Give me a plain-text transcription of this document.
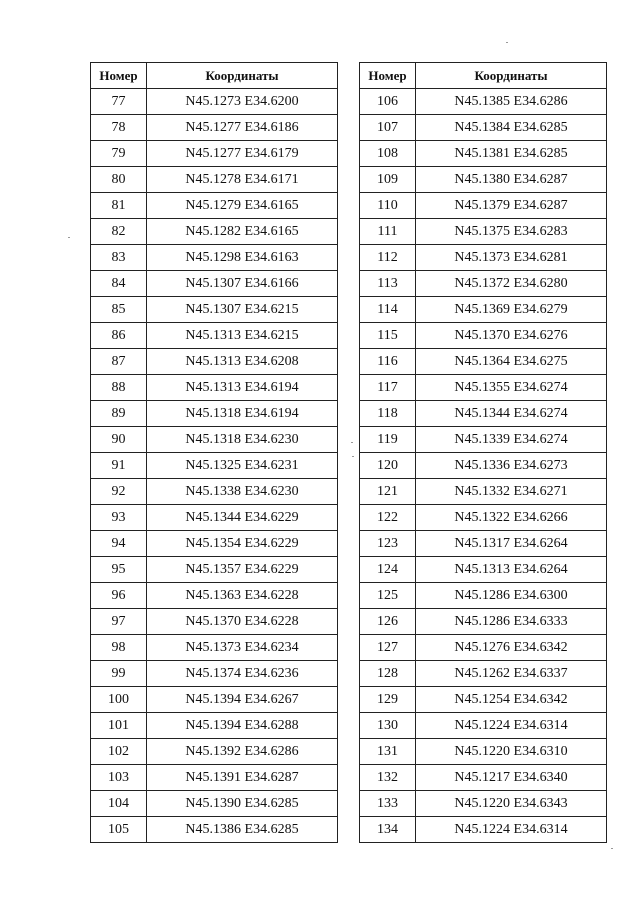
Номер	Координаты
77	N45.1273 E34.6200
78	N45.1277 E34.6186
79	N45.1277 E34.6179
80	N45.1278 E34.6171
81	N45.1279 E34.6165
82	N45.1282 E34.6165
83	N45.1298 E34.6163
84	N45.1307 E34.6166
85	N45.1307 E34.6215
86	N45.1313 E34.6215
87	N45.1313 E34.6208
88	N45.1313 E34.6194
89	N45.1318 E34.6194
90	N45.1318 E34.6230
91	N45.1325 E34.6231
92	N45.1338 E34.6230
93	N45.1344 E34.6229
94	N45.1354 E34.6229
95	N45.1357 E34.6229
96	N45.1363 E34.6228
97	N45.1370 E34.6228
98	N45.1373 E34.6234
99	N45.1374 E34.6236
100	N45.1394 E34.6267
101	N45.1394 E34.6288
102	N45.1392 E34.6286
103	N45.1391 E34.6287
104	N45.1390 E34.6285
105	N45.1386 E34.6285
Номер	Координаты
106	N45.1385 E34.6286
107	N45.1384 E34.6285
108	N45.1381 E34.6285
109	N45.1380 E34.6287
110	N45.1379 E34.6287
111	N45.1375 E34.6283
112	N45.1373 E34.6281
113	N45.1372 E34.6280
114	N45.1369 E34.6279
115	N45.1370 E34.6276
116	N45.1364 E34.6275
117	N45.1355 E34.6274
118	N45.1344 E34.6274
119	N45.1339 E34.6274
120	N45.1336 E34.6273
121	N45.1332 E34.6271
122	N45.1322 E34.6266
123	N45.1317 E34.6264
124	N45.1313 E34.6264
125	N45.1286 E34.6300
126	N45.1286 E34.6333
127	N45.1276 E34.6342
128	N45.1262 E34.6337
129	N45.1254 E34.6342
130	N45.1224 E34.6314
131	N45.1220 E34.6310
132	N45.1217 E34.6340
133	N45.1220 E34.6343
134	N45.1224 E34.6314
